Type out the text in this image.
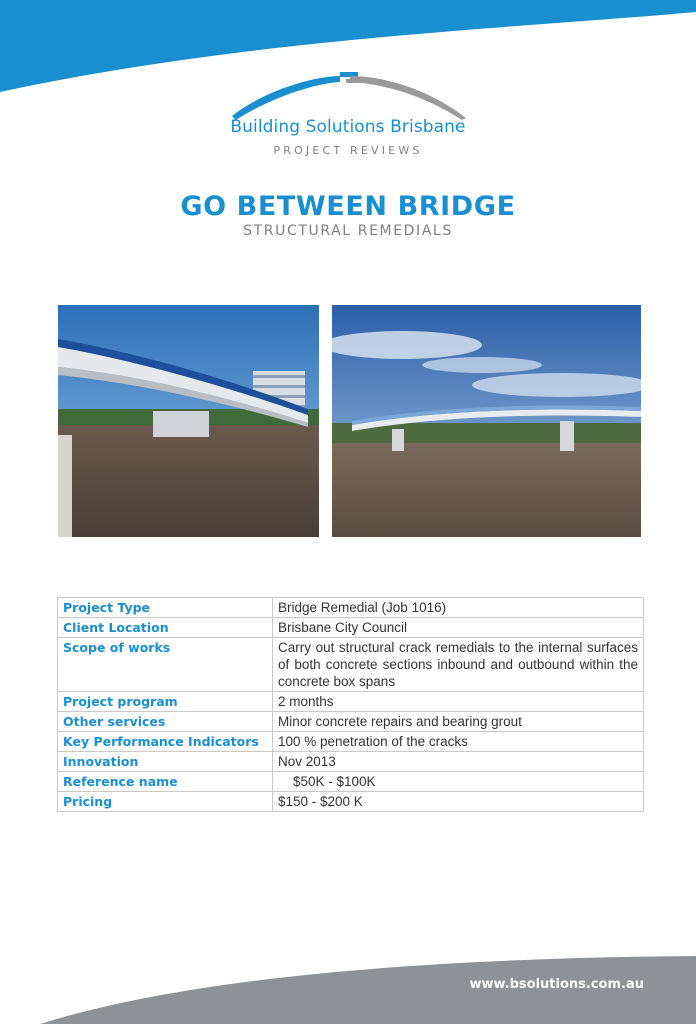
Building Solutions Brisbane
PROJECT REVIEWS
GO BETWEEN BRIDGE
STRUCTURAL REMEDIALS
Project Type	Bridge Remedial (Job 1016)
Client Location	Brisbane City Council
Scope of works	Carry out structural crack remedials to the internal surfaces of both concrete sections inbound and outbound within the concrete box spans
Project program	2 months
Other services	Minor concrete repairs and bearing grout
Key Performance Indicators	100 % penetration of the cracks
Innovation	Nov 2013
Reference name	$50K - $100K
Pricing	$150 - $200 K
www.bsolutions.com.au
